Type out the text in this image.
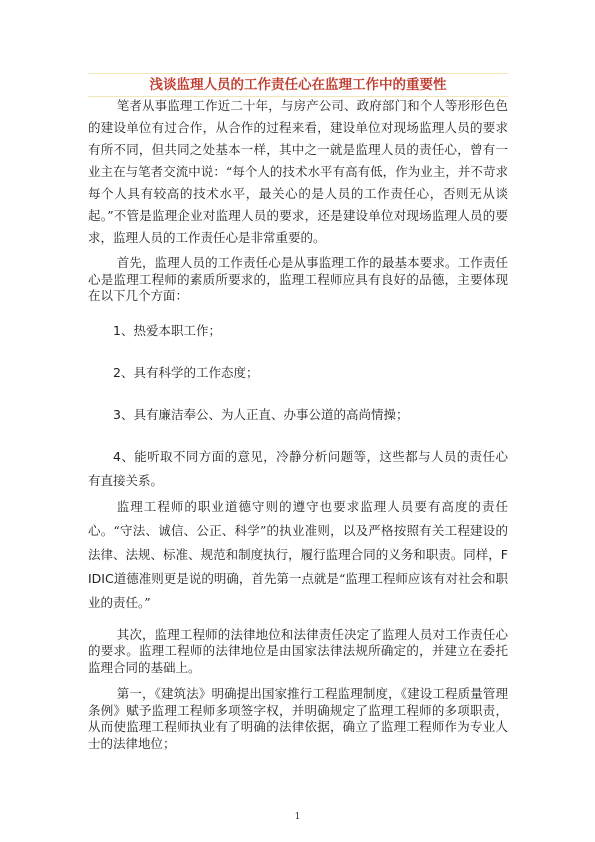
浅谈监理人员的工作责任心在监理工作中的重要性

笔者从事监理工作近二十年，与房产公司、政府部门和个人等形形色色的建设单位有过合作，从合作的过程来看，建设单位对现场监理人员的要求有所不同，但共同之处基本一样，其中之一就是监理人员的责任心，曾有一业主在与笔者交流中说：“每个人的技术水平有高有低，作为业主，并不苛求每个人具有较高的技术水平，最关心的是人员的工作责任心，否则无从谈起。”不管是监理企业对监理人员的要求，还是建设单位对现场监理人员的要求，监理人员的工作责任心是非常重要的。

首先，监理人员的工作责任心是从事监理工作的最基本要求。工作责任心是监理工程师的素质所要求的，监理工程师应具有良好的品德，主要体现在以下几个方面：

1、热爱本职工作；

2、具有科学的工作态度；

3、具有廉洁奉公、为人正直、办事公道的高尚情操；

4、能听取不同方面的意见，冷静分析问题等，这些都与人员的责任心有直接关系。

监理工程师的职业道德守则的遵守也要求监理人员要有高度的责任心。“守法、诚信、公正、科学”的执业准则，以及严格按照有关工程建设的法律、法规、标准、规范和制度执行，履行监理合同的义务和职责。同样，FIDIC道德准则更是说的明确，首先第一点就是“监理工程师应该有对社会和职业的责任。”

其次，监理工程师的法律地位和法律责任决定了监理人员对工作责任心的要求。监理工程师的法律地位是由国家法律法规所确定的，并建立在委托监理合同的基础上。

第一，《建筑法》明确提出国家推行工程监理制度，《建设工程质量管理条例》赋予监理工程师多项签字权，并明确规定了监理工程师的多项职责，从而使监理工程师执业有了明确的法律依据，确立了监理工程师作为专业人士的法律地位；

1
